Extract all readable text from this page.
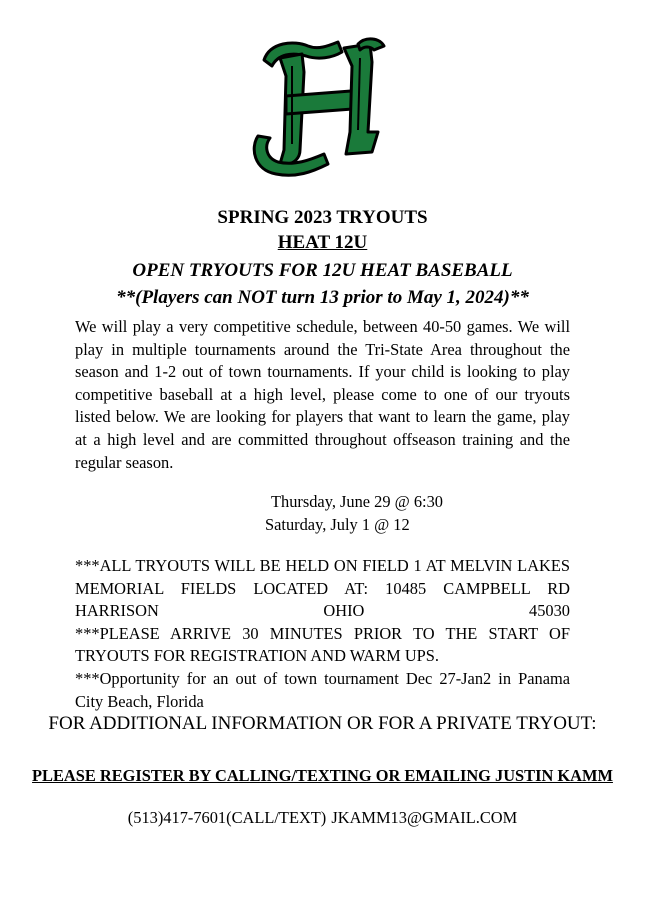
SPRING 2023 TRYOUTS
HEAT 12U
OPEN TRYOUTS FOR 12U HEAT BASEBALL
**(Players can NOT turn 13 prior to May 1, 2024)**
We will play a very competitive schedule, between 40-50 games. We will play in multiple tournaments around the Tri-State Area throughout the season and 1-2 out of town tournaments. If your child is looking to play competitive baseball at a high level, please come to one of our tryouts listed below. We are looking for players that want to learn the game, play at a high level and are committed throughout offseason training and the regular season.
Thursday, June 29 @ 6:30
Saturday, July 1 @ 12
***ALL TRYOUTS WILL BE HELD ON FIELD 1 AT MELVIN LAKES MEMORIAL FIELDS LOCATED AT: 10485 CAMPBELL RD HARRISON OHIO 45030
***PLEASE ARRIVE 30 MINUTES PRIOR TO THE START OF TRYOUTS FOR REGISTRATION AND WARM UPS.
***Opportunity for an out of town tournament Dec 27-Jan2 in Panama City Beach, Florida
FOR ADDITIONAL INFORMATION OR FOR A PRIVATE TRYOUT:
PLEASE REGISTER BY CALLING/TEXTING OR EMAILING JUSTIN KAMM
(513)417-7601(CALL/TEXT) JKAMM13@GMAIL.COM
